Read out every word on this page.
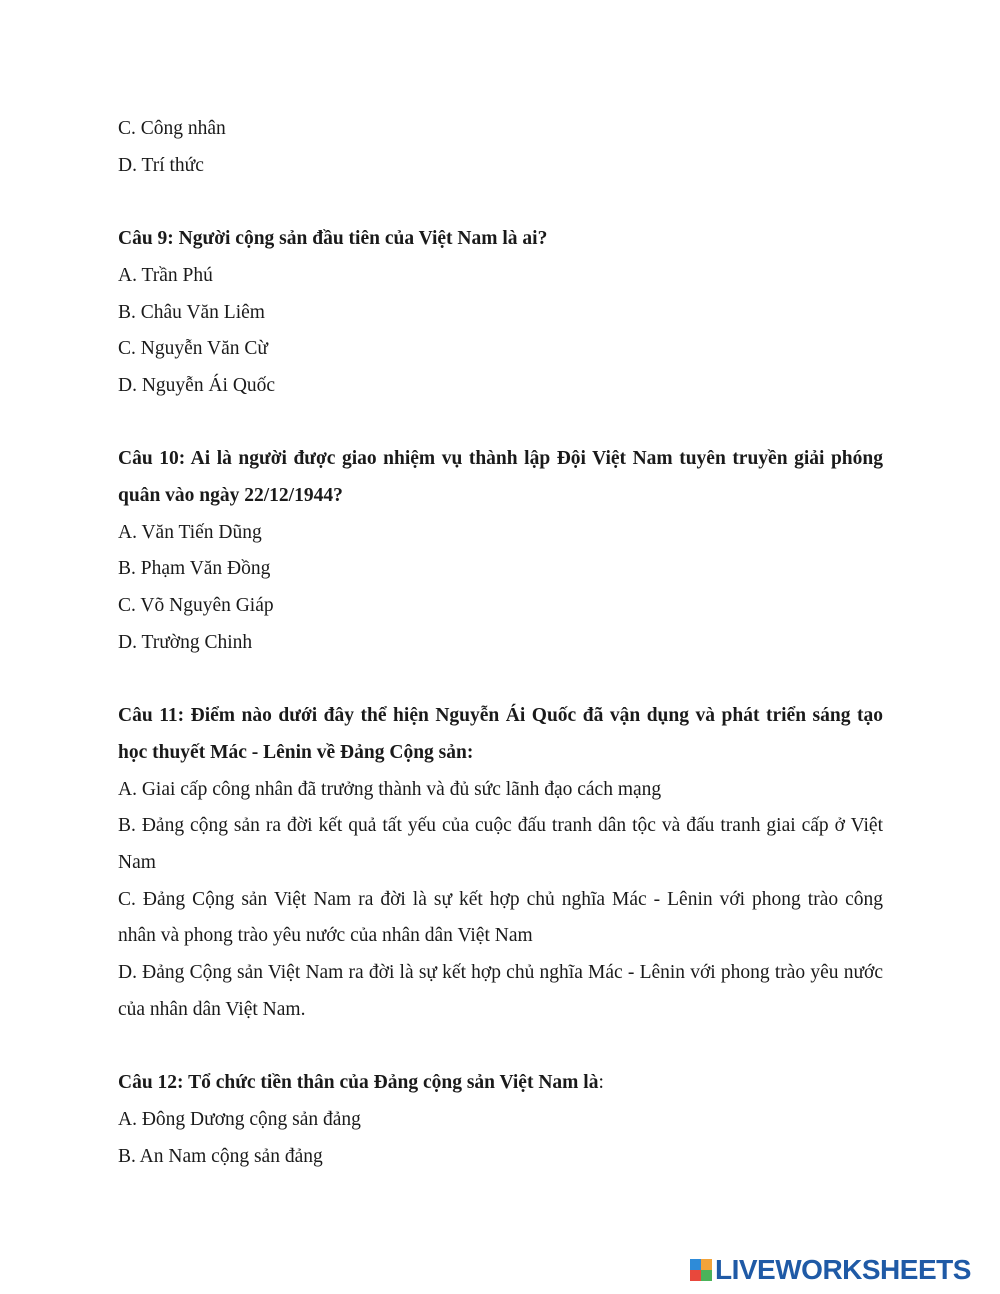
C. Công nhân
D. Trí thức
Câu 9: Người cộng sản đầu tiên của Việt Nam là ai?
A. Trần Phú
B. Châu Văn Liêm
C. Nguyễn Văn Cừ
D. Nguyễn Ái Quốc
Câu 10: Ai là người được giao nhiệm vụ thành lập Đội Việt Nam tuyên truyền giải phóng quân vào ngày 22/12/1944?
A. Văn Tiến Dũng
B. Phạm Văn Đồng
C. Võ Nguyên Giáp
D. Trường Chinh
Câu 11: Điểm nào dưới đây thể hiện Nguyễn Ái Quốc đã vận dụng và phát triển sáng tạo học thuyết Mác - Lênin về Đảng Cộng sản:
A. Giai cấp công nhân đã trưởng thành và đủ sức lãnh đạo cách mạng
B. Đảng cộng sản ra đời kết quả tất yếu của cuộc đấu tranh dân tộc và đấu tranh giai cấp ở Việt Nam
C. Đảng Cộng sản Việt Nam ra đời là sự kết hợp chủ nghĩa Mác - Lênin với phong trào công nhân và phong trào yêu nước của nhân dân Việt Nam
D. Đảng Cộng sản Việt Nam ra đời là sự kết hợp chủ nghĩa Mác - Lênin với phong trào yêu nước của nhân dân Việt Nam.
Câu 12: Tổ chức tiền thân của Đảng cộng sản Việt Nam là:
A. Đông Dương cộng sản đảng
B. An Nam cộng sản đảng
LIVEWORKSHEETS
